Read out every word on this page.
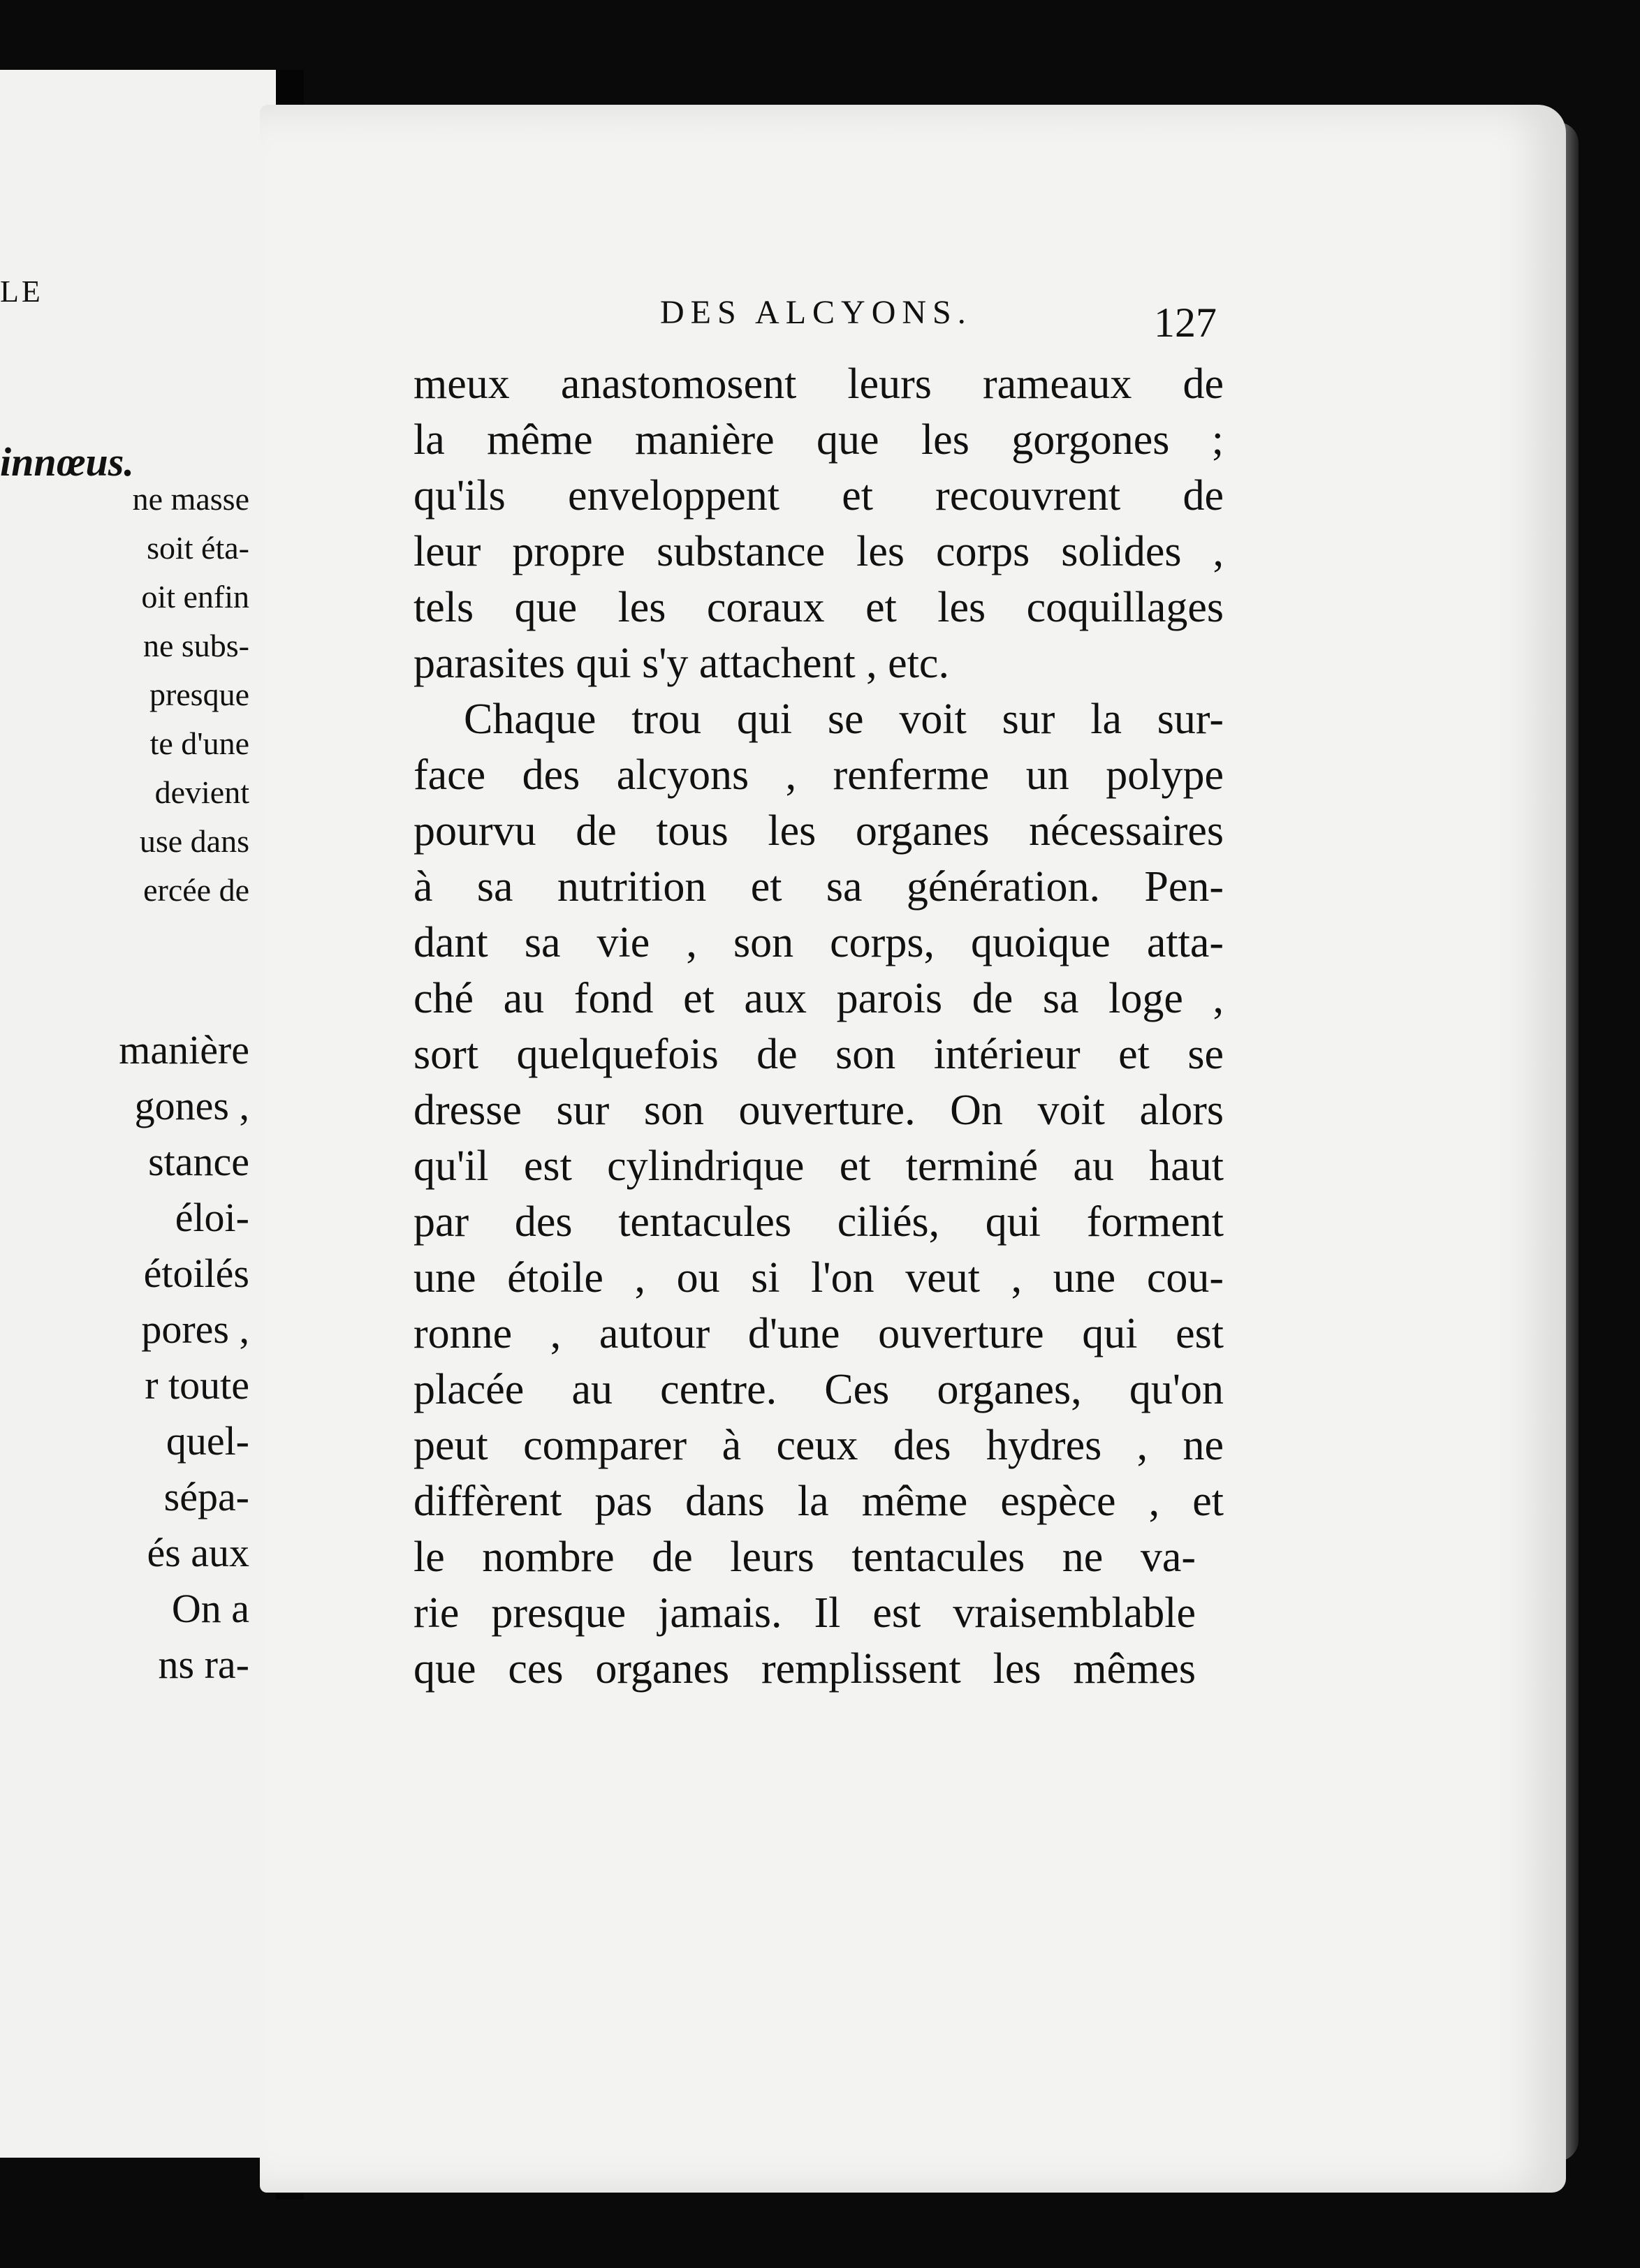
LE
innœus.
ne masse
soit éta-
oit enfin
ne subs-
presque
te d'une
devient
use dans
ercée de
manière
gones ,
stance
éloi-
étoilés
pores ,
r toute
quel-
sépa-
és aux
On a
ns ra-
DES ALCYONS.	127
meux anastomosent leurs rameaux de
la même manière que les gorgones ;
qu'ils enveloppent et recouvrent de
leur propre substance les corps solides ,
tels que les coraux et les coquillages
parasites qui s'y attachent , etc.
Chaque trou qui se voit sur la sur-
face des alcyons , renferme un polype
pourvu de tous les organes nécessaires
à sa nutrition et sa génération. Pen-
dant sa vie , son corps, quoique atta-
ché au fond et aux parois de sa loge ,
sort quelquefois de son intérieur et se
dresse sur son ouverture. On voit alors
qu'il est cylindrique et terminé au haut
par des tentacules ciliés, qui forment
une étoile , ou si l'on veut , une cou-
ronne , autour d'une ouverture qui est
placée au centre. Ces organes, qu'on
peut comparer à ceux des hydres , ne
diffèrent pas dans la même espèce , et
le nombre de leurs tentacules ne va-
rie presque jamais. Il est vraisemblable
que ces organes remplissent les mêmes
